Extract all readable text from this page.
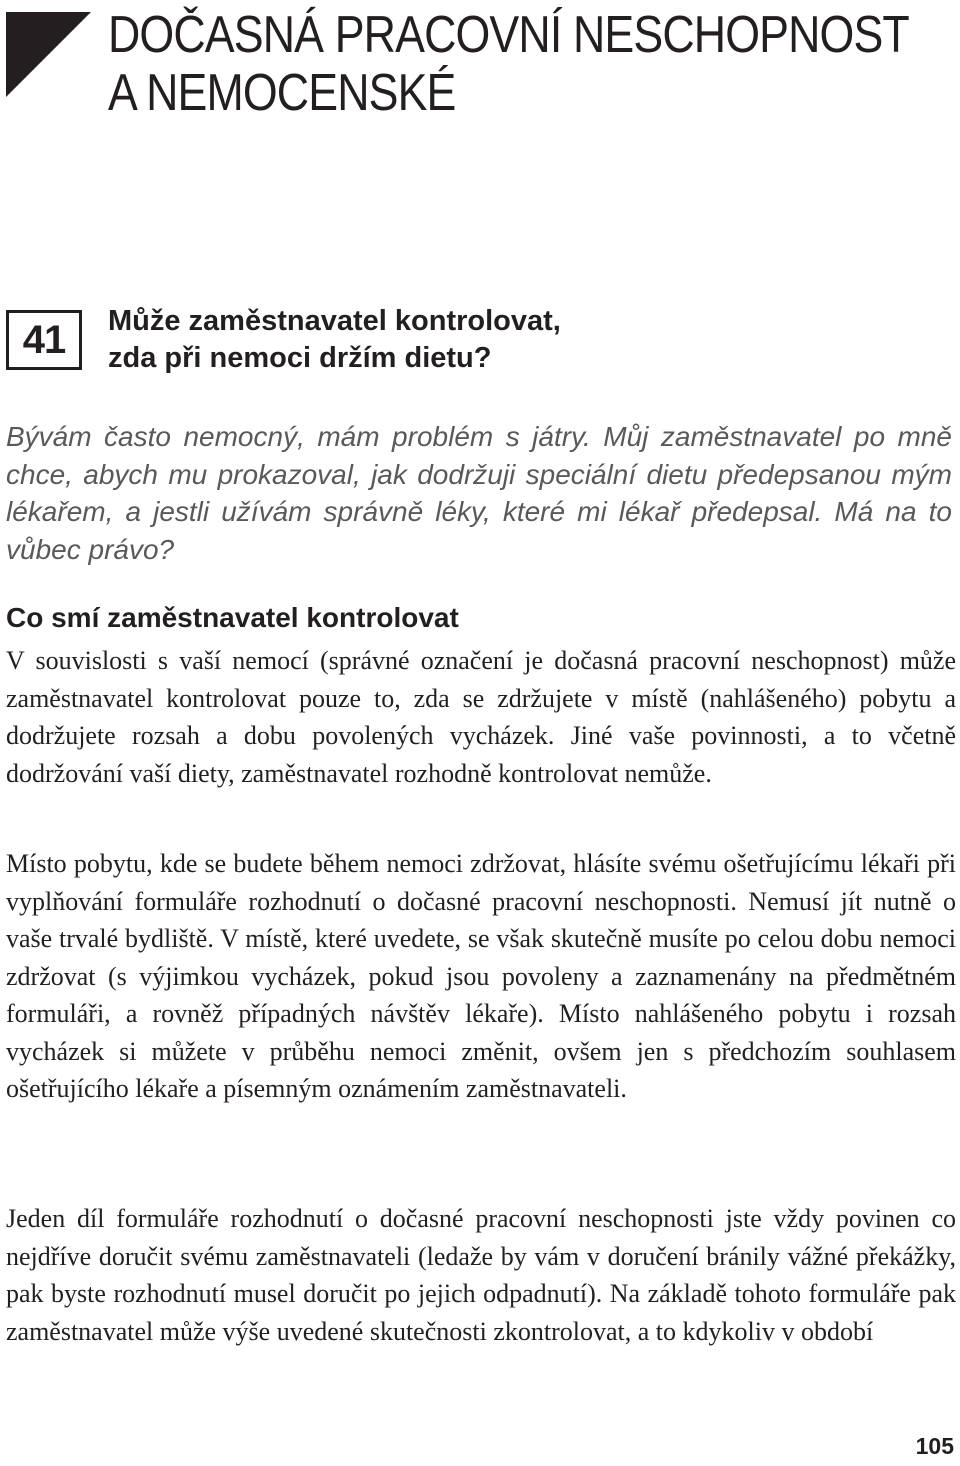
DOČASNÁ PRACOVNÍ NESCHOPNOST
A NEMOCENSKÉ
41 Může zaměstnavatel kontrolovat,
zda při nemoci držím dietu?

Bývám často nemocný, mám problém s játry. Můj zaměstnavatel po mně chce, abych mu prokazoval, jak dodržuji speciální dietu předepsanou mým lékařem, a jestli užívám správně léky, které mi lékař předepsal. Má na to vůbec právo?

Co smí zaměstnavatel kontrolovat

V souvislosti s vaší nemocí (správné označení je dočasná pracovní neschopnost) může zaměstnavatel kontrolovat pouze to, zda se zdržujete v místě (nahlášeného) pobytu a dodržujete rozsah a dobu povolených vycházek. Jiné vaše povinnosti, a to včetně dodržování vaší diety, zaměstnavatel rozhodně kontrolovat nemůže.

Místo pobytu, kde se budete během nemoci zdržovat, hlásíte svému ošetřujícímu lékaři při vyplňování formuláře rozhodnutí o dočasné pracovní neschopnosti. Nemusí jít nutně o vaše trvalé bydliště. V místě, které uvedete, se však skutečně musíte po celou dobu nemoci zdržovat (s výjimkou vycházek, pokud jsou povoleny a zaznamenány na předmětném formuláři, a rovněž případných návštěv lékaře). Místo nahlášeného pobytu i rozsah vycházek si můžete v průběhu nemoci změnit, ovšem jen s předchozím souhlasem ošetřujícího lékaře a písemným oznámením zaměstnavateli.

Jeden díl formuláře rozhodnutí o dočasné pracovní neschopnosti jste vždy povinen co nejdříve doručit svému zaměstnavateli (ledaže by vám v doručení bránily vážné překážky, pak byste rozhodnutí musel doručit po jejich odpadnutí). Na základě tohoto formuláře pak zaměstnavatel může výše uvedené skutečnosti zkontrolovat, a to kdykoliv v období

105
